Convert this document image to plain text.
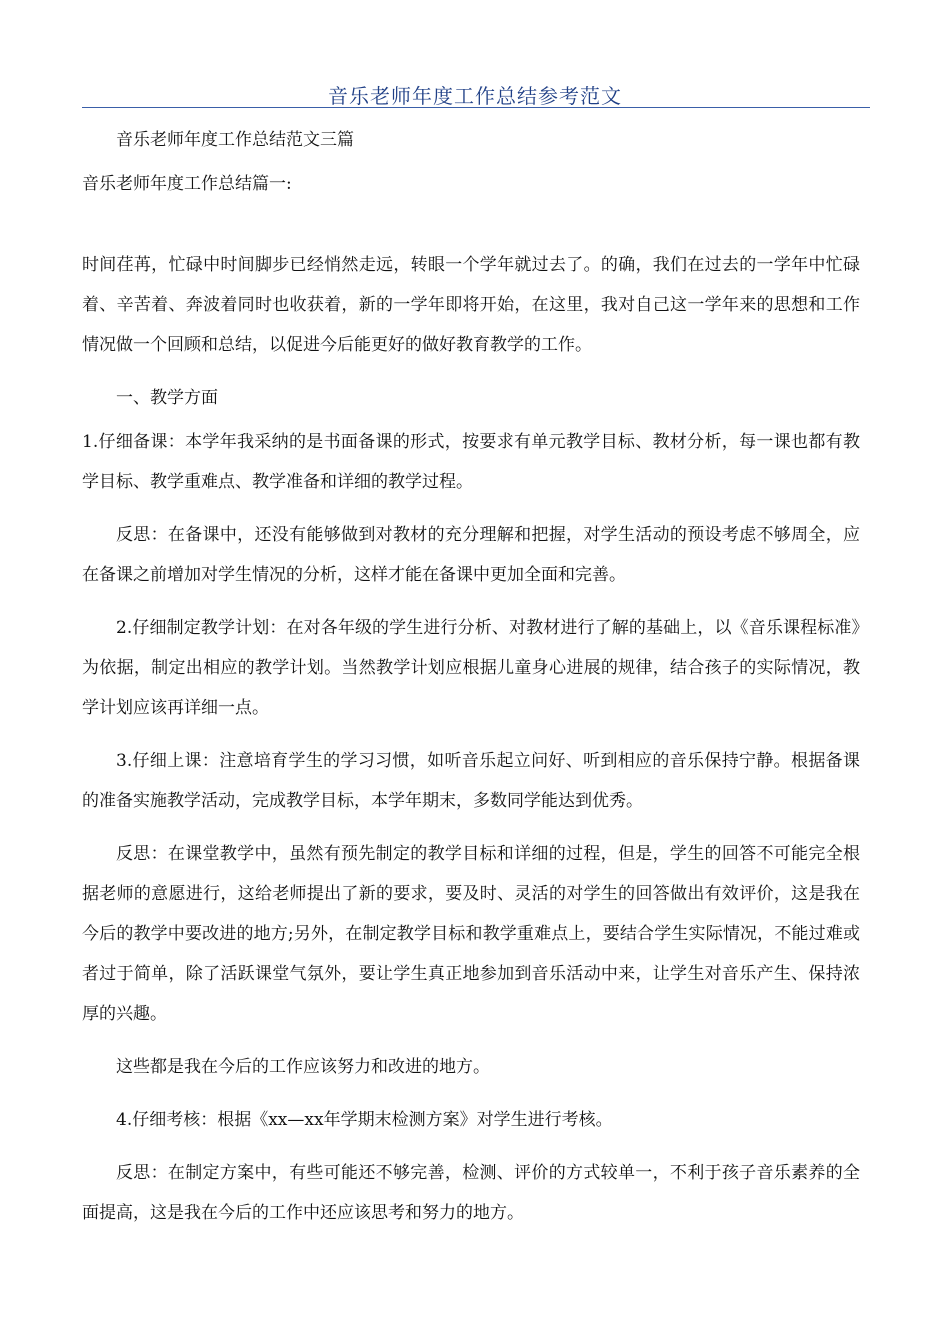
音乐老师年度工作总结参考范文

音乐老师年度工作总结范文三篇

音乐老师年度工作总结篇一:

时间荏苒，忙碌中时间脚步已经悄然走远，转眼一个学年就过去了。的确，我们在过去的一学年中忙碌着、辛苦着、奔波着同时也收获着，新的一学年即将开始，在这里，我对自己这一学年来的思想和工作情况做一个回顾和总结，以促进今后能更好的做好教育教学的工作。

一、教学方面

1.仔细备课：本学年我采纳的是书面备课的形式，按要求有单元教学目标、教材分析，每一课也都有教学目标、教学重难点、教学准备和详细的教学过程。

反思：在备课中，还没有能够做到对教材的充分理解和把握，对学生活动的预设考虑不够周全，应在备课之前增加对学生情况的分析，这样才能在备课中更加全面和完善。

2.仔细制定教学计划：在对各年级的学生进行分析、对教材进行了解的基础上，以《音乐课程标准》为依据，制定出相应的教学计划。当然教学计划应根据儿童身心进展的规律，结合孩子的实际情况，教学计划应该再详细一点。

3.仔细上课：注意培育学生的学习习惯，如听音乐起立问好、听到相应的音乐保持宁静。根据备课的准备实施教学活动，完成教学目标，本学年期末，多数同学能达到优秀。

反思：在课堂教学中，虽然有预先制定的教学目标和详细的过程，但是，学生的回答不可能完全根据老师的意愿进行，这给老师提出了新的要求，要及时、灵活的对学生的回答做出有效评价，这是我在今后的教学中要改进的地方;另外，在制定教学目标和教学重难点上，要结合学生实际情况，不能过难或者过于简单，除了活跃课堂气氛外，要让学生真正地参加到音乐活动中来，让学生对音乐产生、保持浓厚的兴趣。

这些都是我在今后的工作应该努力和改进的地方。

4.仔细考核：根据《xx—xx年学期末检测方案》对学生进行考核。

反思：在制定方案中，有些可能还不够完善，检测、评价的方式较单一，不利于孩子音乐素养的全面提高，这是我在今后的工作中还应该思考和努力的地方。
